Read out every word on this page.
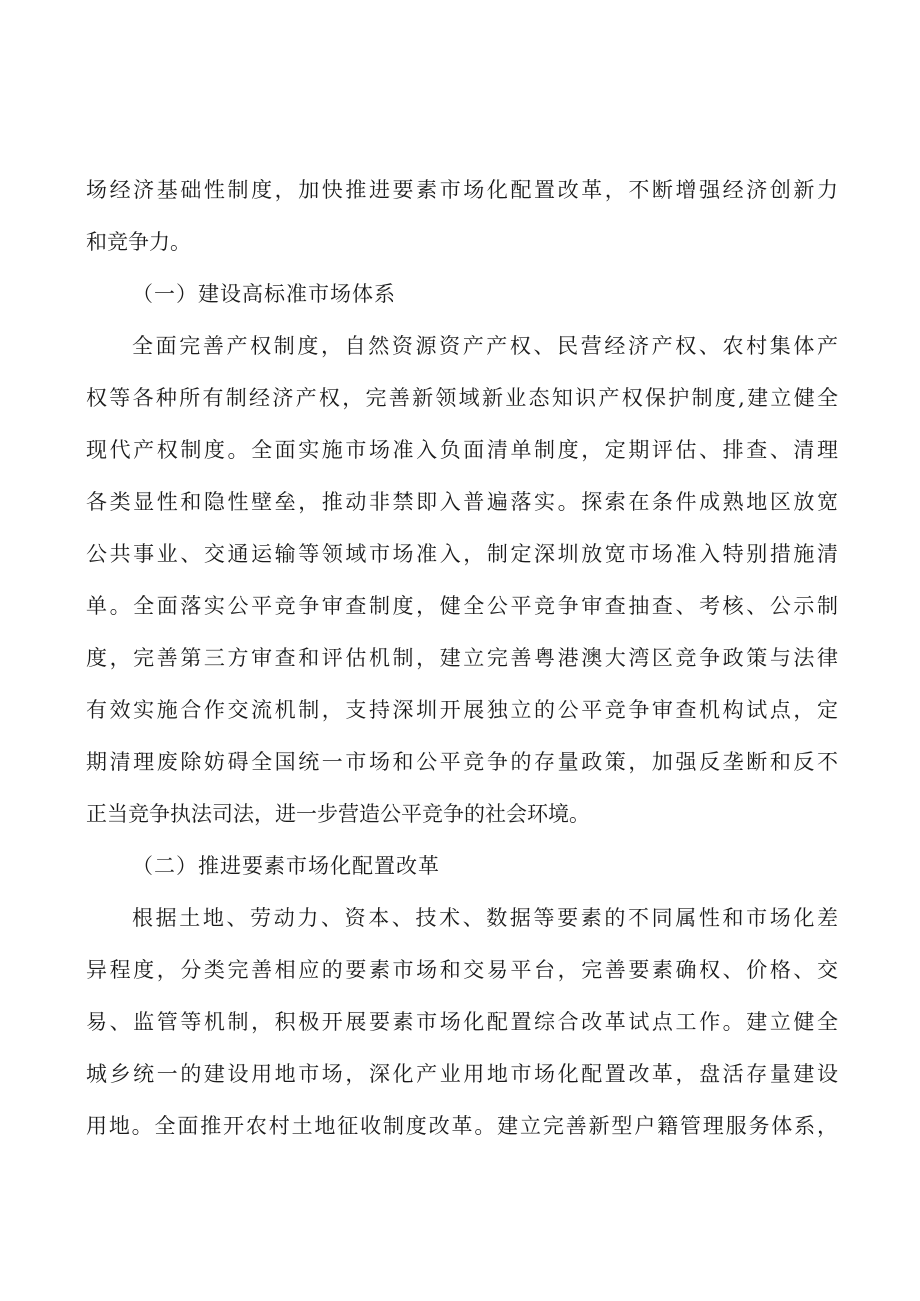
场经济基础性制度，加快推进要素市场化配置改革，不断增强经济创新力
和竞争力。
（一）建设高标准市场体系
全面完善产权制度，自然资源资产产权、民营经济产权、农村集体产
权等各种所有制经济产权，完善新领域新业态知识产权保护制度,建立健全
现代产权制度。全面实施市场准入负面清单制度，定期评估、排查、清理
各类显性和隐性壁垒，推动非禁即入普遍落实。探索在条件成熟地区放宽
公共事业、交通运输等领域市场准入，制定深圳放宽市场准入特别措施清
单。全面落实公平竞争审查制度，健全公平竞争审查抽查、考核、公示制
度，完善第三方审查和评估机制，建立完善粤港澳大湾区竞争政策与法律
有效实施合作交流机制，支持深圳开展独立的公平竞争审查机构试点，定
期清理废除妨碍全国统一市场和公平竞争的存量政策，加强反垄断和反不
正当竞争执法司法，进一步营造公平竞争的社会环境。
（二）推进要素市场化配置改革
根据土地、劳动力、资本、技术、数据等要素的不同属性和市场化差
异程度，分类完善相应的要素市场和交易平台，完善要素确权、价格、交
易、监管等机制，积极开展要素市场化配置综合改革试点工作。建立健全
城乡统一的建设用地市场，深化产业用地市场化配置改革，盘活存量建设
用地。全面推开农村土地征收制度改革。建立完善新型户籍管理服务体系，
